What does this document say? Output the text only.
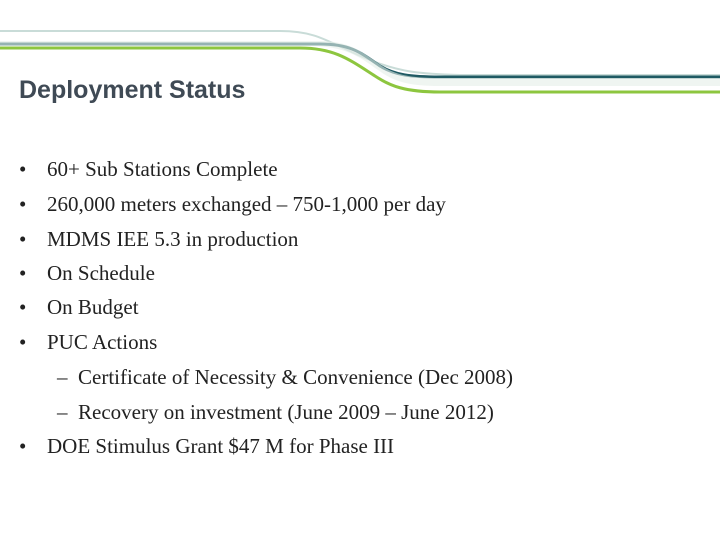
Deployment Status
• 60+ Sub Stations Complete
• 260,000 meters exchanged – 750-1,000 per day
• MDMS IEE 5.3 in production
• On Schedule
• On Budget
• PUC Actions
– Certificate of Necessity & Convenience (Dec 2008)
– Recovery on investment (June 2009 – June 2012)
• DOE Stimulus Grant $47 M for Phase III
